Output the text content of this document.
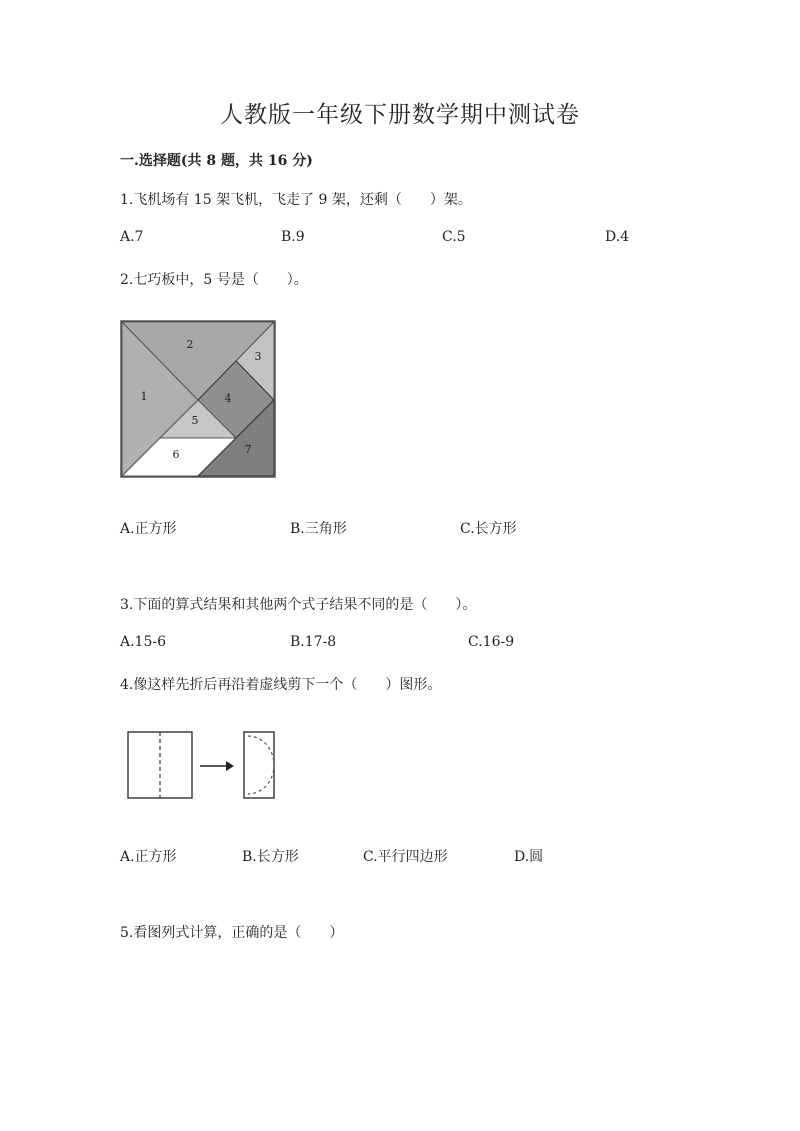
人教版一年级下册数学期中测试卷
一.选择题(共 8 题，共 16 分)
1.飞机场有 15 架飞机，飞走了 9 架，还剩（　　）架。
A.7	B.9	C.5	D.4
2.七巧板中，5 号是（　　）。
1
2
3
4
5
6	7
A.正方形	B.三角形	C.长方形
3.下面的算式结果和其他两个式子结果不同的是（　　）。
A.15-6	B.17-8	C.16-9
4.像这样先折后再沿着虚线剪下一个（　　）图形。
A.正方形	B.长方形	C.平行四边形	D.圆
5.看图列式计算，正确的是（　　）
